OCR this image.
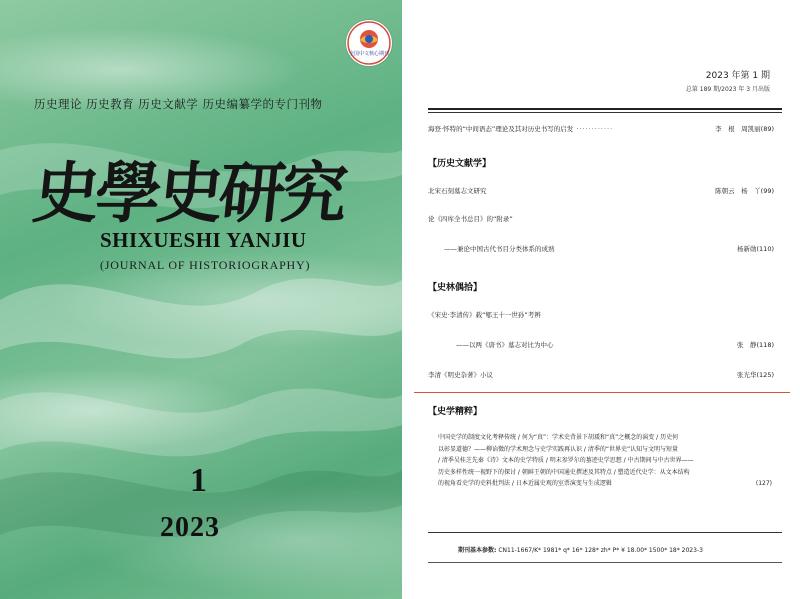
全国中文核心期刊
历史理论 历史教育 历史文献学 历史编纂学的专门刊物
史學史研究
SHIXUESHI YANJIU
(JOURNAL OF HISTORIOGRAPHY)
1
2023
2023 年第 1 期
总第 189 期/2023 年 3 月出版
海登·怀特的“中间语态”理论及其对历史书写的启发 ············	李　根　周凯丽(89)
【历史文献学】
北宋石刻墓志文研究	陈朝云　杨　丫(99)
论《四库全书总目》的“附录”
——兼论中国古代书目分类体系的成熟	杨新勋(110)
【史林偶拾】
《宋史·李清传》载“郇王十一世孙”考辨
——以两《唐书》墓志对比为中心	张　静(118)
李清《明史杂著》小议	张光华(125)
【史学精粹】
中国史学的制度文化考释传统 / 何为“真”：学术史背景下胡瑗和“真”之概念的演变 / 历史何
以彰显道德？——柳诒徵的学术理念与史学实践再认识 / 清季的“世界史”认知与文明与短量
/ 清季吴桂芝先秦《诗》文本的史学特质 / 明末参罗尔的墓迹史学思想 / 中古期间与中古世界——
历史多样性统一视野下的探讨 / 朝鲜王朝的中国通史撰述及其特点 / 塑造近代史学：从文本结构
的视角看史学的史料批判法 / 日本近属史观的室票演变与生成逻辑	(127)
期刊基本参数: CN11-1667/K* 1981* q* 16* 128* zh* P* ¥ 18.00* 1500* 18* 2023-3
